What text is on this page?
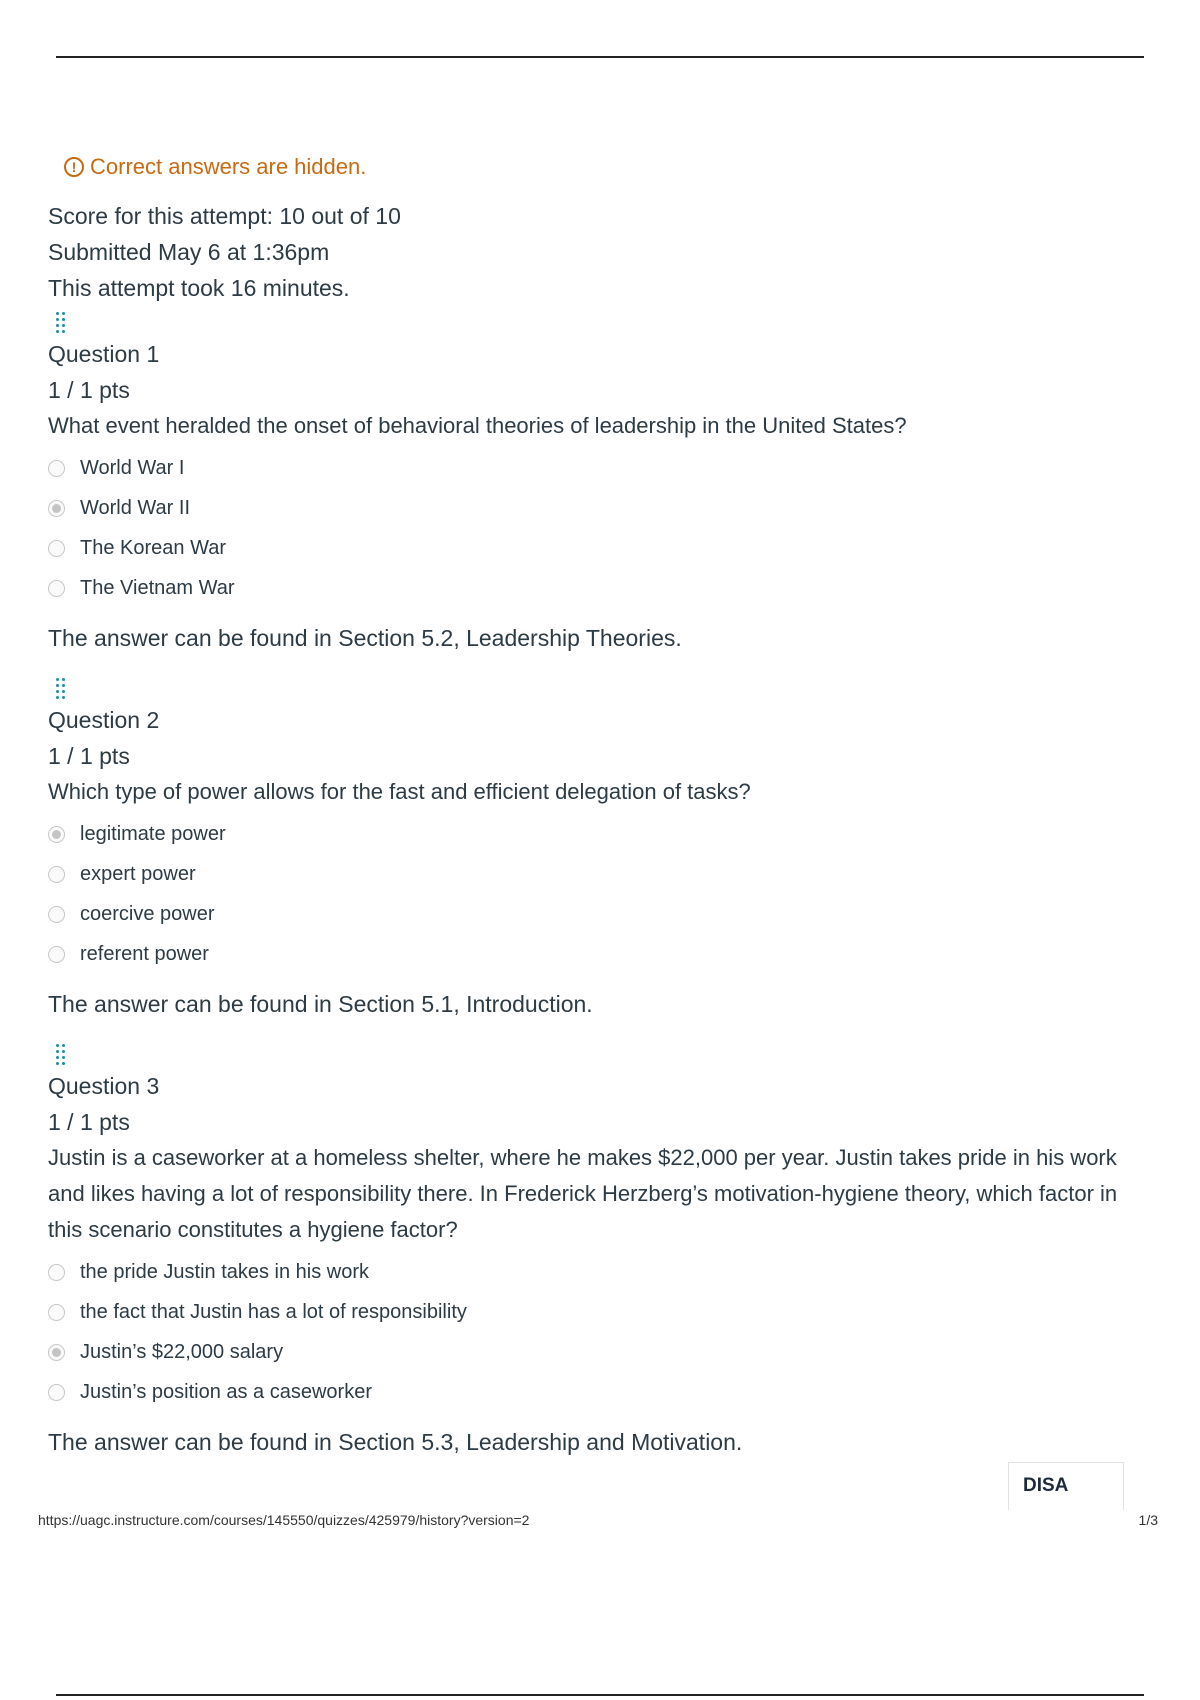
! Correct answers are hidden.
Score for this attempt: 10 out of 10
Submitted May 6 at 1:36pm
This attempt took 16 minutes.
Question 1
1 / 1 pts
What event heralded the onset of behavioral theories of leadership in the United States?
World War I
World War II
The Korean War
The Vietnam War
The answer can be found in Section 5.2, Leadership Theories.
Question 2
1 / 1 pts
Which type of power allows for the fast and efficient delegation of tasks?
legitimate power
expert power
coercive power
referent power
The answer can be found in Section 5.1, Introduction.
Question 3
1 / 1 pts
Justin is a caseworker at a homeless shelter, where he makes $22,000 per year. Justin takes pride in his work and likes having a lot of responsibility there. In Frederick Herzberg’s motivation-hygiene theory, which factor in this scenario constitutes a hygiene factor?
the pride Justin takes in his work
the fact that Justin has a lot of responsibility
Justin’s $22,000 salary
Justin’s position as a caseworker
The answer can be found in Section 5.3, Leadership and Motivation.
DISA
https://uagc.instructure.com/courses/145550/quizzes/425979/history?version=2	1/3
